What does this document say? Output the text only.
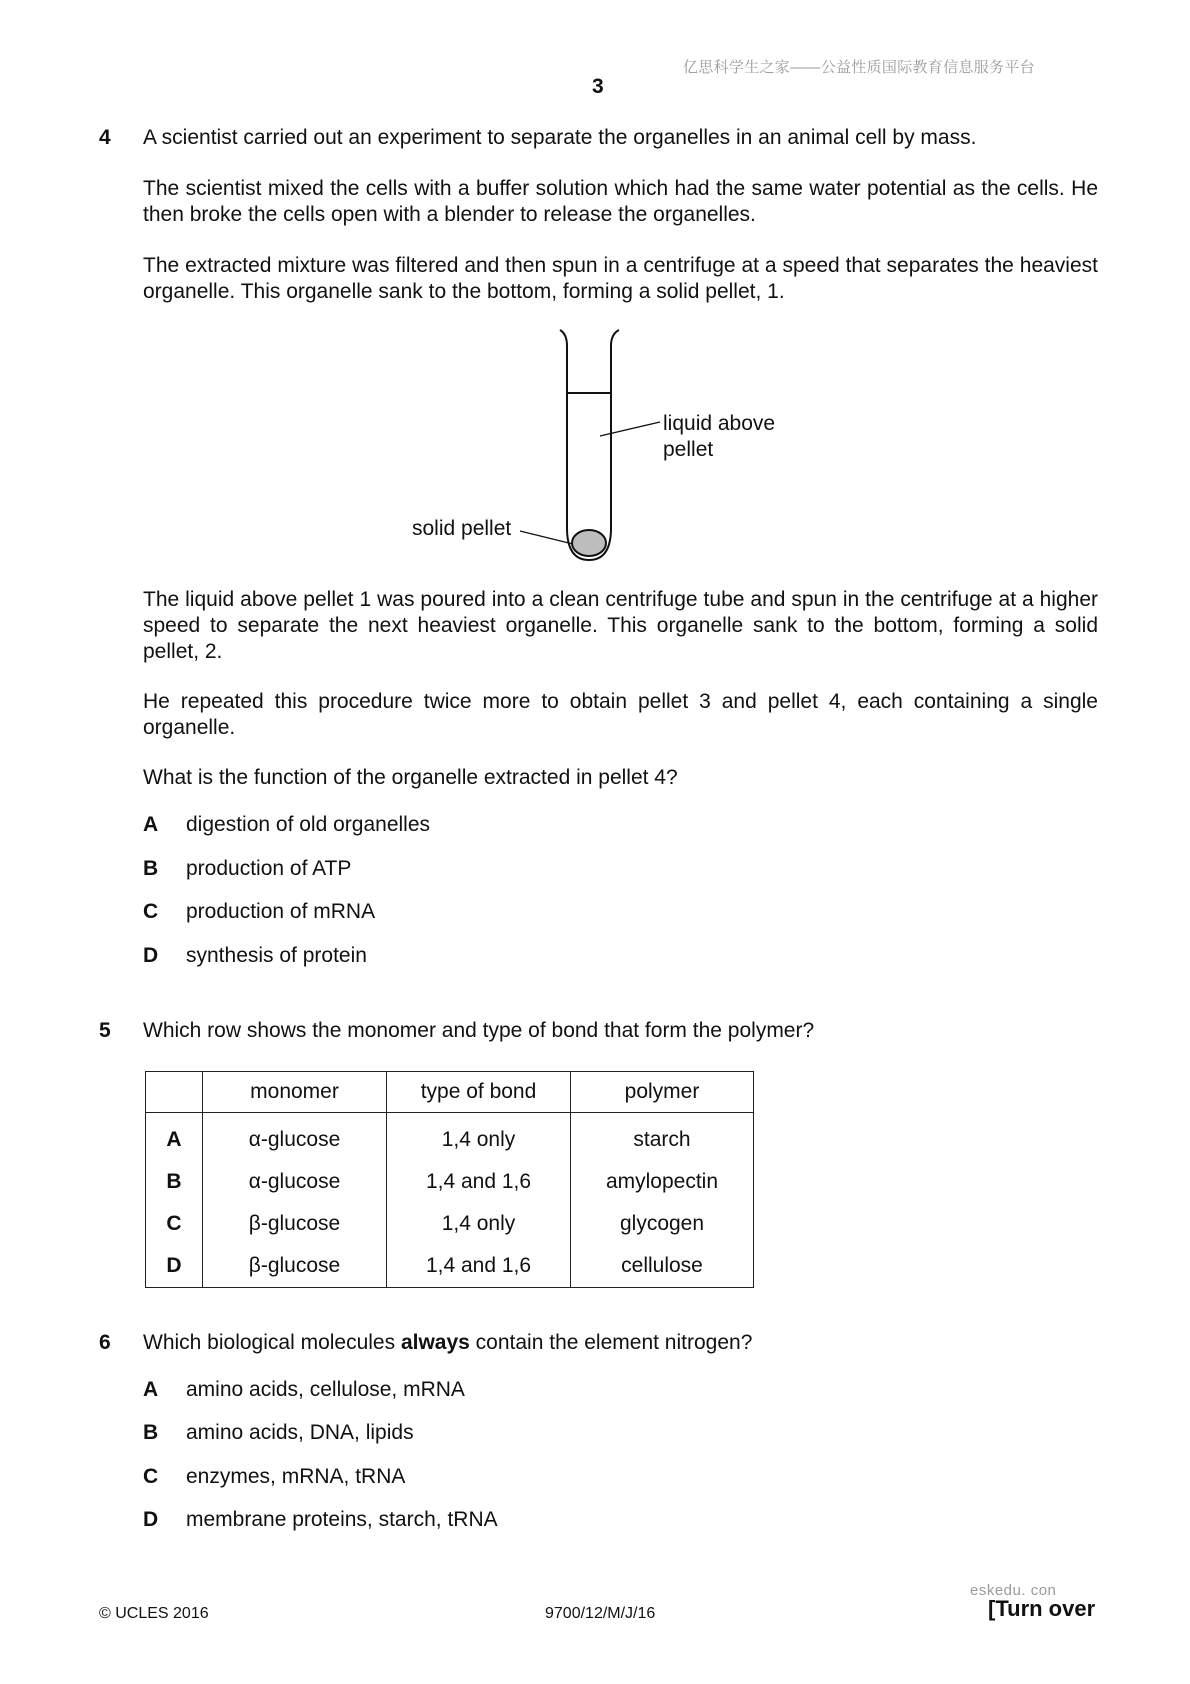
亿思科学生之家——公益性质国际教育信息服务平台
3
4 A scientist carried out an experiment to separate the organelles in an animal cell by mass.

The scientist mixed the cells with a buffer solution which had the same water potential as the cells. He then broke the cells open with a blender to release the organelles.

The extracted mixture was filtered and then spun in a centrifuge at a speed that separates the heaviest organelle. This organelle sank to the bottom, forming a solid pellet, 1.

liquid above
pellet
solid pellet

The liquid above pellet 1 was poured into a clean centrifuge tube and spun in the centrifuge at a higher speed to separate the next heaviest organelle. This organelle sank to the bottom, forming a solid pellet, 2.

He repeated this procedure twice more to obtain pellet 3 and pellet 4, each containing a single organelle.

What is the function of the organelle extracted in pellet 4?

A digestion of old organelles
B production of ATP
C production of mRNA
D synthesis of protein
5 Which row shows the monomer and type of bond that form the polymer?

	monomer	type of bond	polymer
A	α-glucose	1,4 only	starch
B	α-glucose	1,4 and 1,6	amylopectin
C	β-glucose	1,4 only	glycogen
D	β-glucose	1,4 and 1,6	cellulose
6 Which biological molecules always contain the element nitrogen?

A amino acids, cellulose, mRNA
B amino acids, DNA, lipids
C enzymes, mRNA, tRNA
D membrane proteins, starch, tRNA
© UCLES 2016	9700/12/M/J/16
eskedu. con
[Turn over
